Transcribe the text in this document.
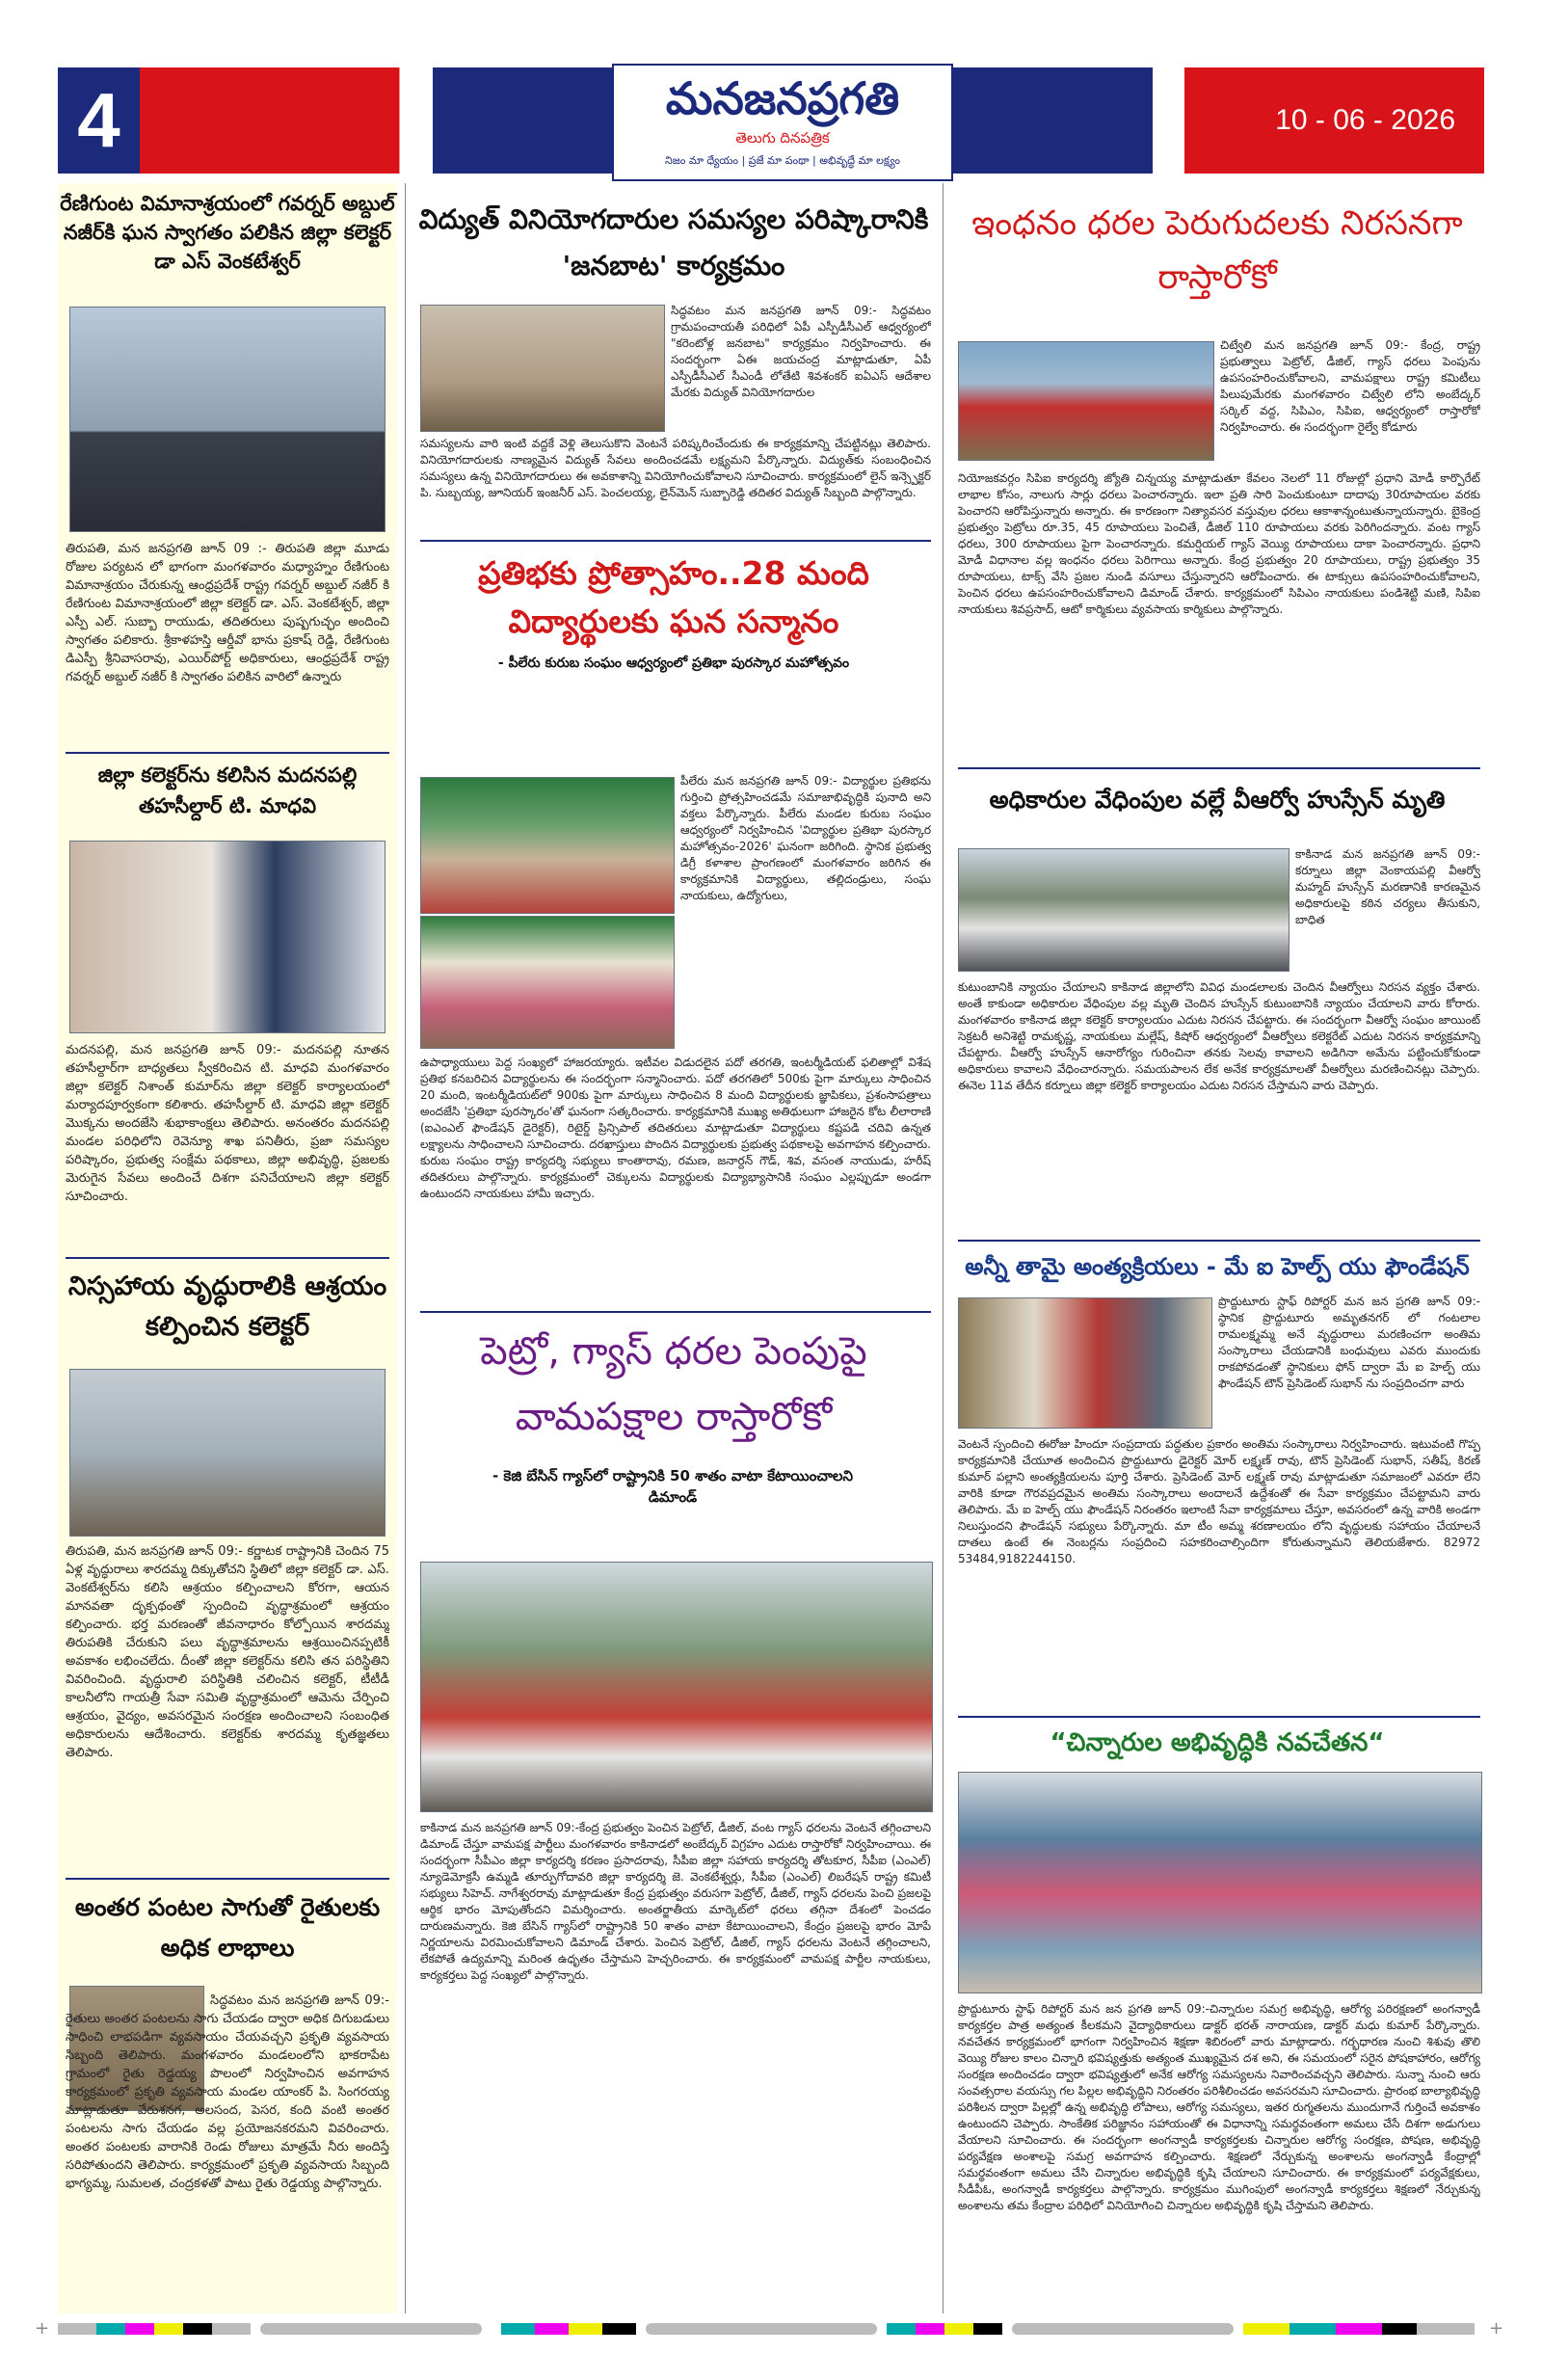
4	మనజనప్రగతి
తెలుగు దినపత్రిక
నిజం మా ధ్యేయం | ప్రజే మా పంథా | అభివృద్ధే మా లక్ష్యం
10 - 06 - 2026
రేణిగుంట విమానాశ్రయంలో గవర్నర్ అబ్దుల్ నజీర్‌కి ఘన స్వాగతం పలికిన జిల్లా కలెక్టర్ డా ఎస్ వెంకటేశ్వర్

తిరుపతి, మన జనప్రగతి జూన్ 09 :- తిరుపతి జిల్లా మూడు రోజుల పర్యటన లో భాగంగా మంగళవారం మధ్యాహ్నం రేణిగుంట విమానాశ్రయం చేరుకున్న ఆంధ్రప్రదేశ్ రాష్ట్ర గవర్నర్ అబ్దుల్ నజీర్ కి రేణిగుంట విమానాశ్రయంలో జిల్లా కలెక్టర్ డా. ఎస్. వెంకటేశ్వర్, జిల్లా ఎస్పీ ఎల్. సుబ్బా రాయుడు, తదితరులు పుష్పగుచ్ఛం అందించి స్వాగతం పలికారు. శ్రీకాళహస్తి ఆర్డీవో భాను ప్రకాష్ రెడ్డి, రేణిగుంట డిఎస్పీ శ్రీనివాసరావు, ఎయిర్‌పోర్ట్ అధికారులు, ఆంధ్రప్రదేశ్ రాష్ట్ర గవర్నర్ అబ్దుల్ నజీర్ కి స్వాగతం పలికిన వారిలో ఉన్నారు

జిల్లా కలెక్టర్‌ను కలిసిన మదనపల్లి తహసీల్దార్ టి. మాధవి

మదనపల్లి, మన జనప్రగతి జూన్ 09:- మదనపల్లి నూతన తహసీల్దార్‌గా బాధ్యతలు స్వీకరించిన టి. మాధవి మంగళవారం జిల్లా కలెక్టర్ నిశాంత్ కుమార్‌ను జిల్లా కలెక్టర్ కార్యాలయంలో మర్యాదపూర్వకంగా కలిశారు. తహసీల్దార్ టి. మాధవి జిల్లా కలెక్టర్ మొక్కను అందజేసి శుభాకాంక్షలు తెలిపారు. అనంతరం మదనపల్లి మండల పరిధిలోని రెవెన్యూ శాఖ పనితీరు, ప్రజా సమస్యల పరిష్కారం, ప్రభుత్వ సంక్షేమ పథకాలు, జిల్లా అభివృద్ధి, ప్రజలకు మెరుగైన సేవలు అందించే దిశగా పనిచేయాలని జిల్లా కలెక్టర్ సూచించారు.

నిస్సహాయ వృద్ధురాలికి ఆశ్రయం కల్పించిన కలెక్టర్

తిరుపతి, మన జనప్రగతి జూన్ 09:- కర్ణాటక రాష్ట్రానికి చెందిన 75 ఏళ్ల వృద్ధురాలు శారదమ్మ దిక్కుతోచని స్థితిలో జిల్లా కలెక్టర్ డా. ఎస్. వెంకటేశ్వర్‌ను కలిసి ఆశ్రయం కల్పించాలని కోరగా, ఆయన మానవతా దృక్పథంతో స్పందించి వృద్ధాశ్రమంలో ఆశ్రయం కల్పించారు. భర్త మరణంతో జీవనాధారం కోల్పోయిన శారదమ్మ తిరుపతికి చేరుకుని పలు వృద్ధాశ్రమాలను ఆశ్రయించినప్పటికీ అవకాశం లభించలేదు. దీంతో జిల్లా కలెక్టర్‌ను కలిసి తన పరిస్థితిని వివరించింది. వృద్ధురాలి పరిస్థితికి చలించిన కలెక్టర్, టీటీడీ కాలనీలోని గాయత్రీ సేవా సమితి వృద్ధాశ్రమంలో ఆమెను చేర్పించి ఆశ్రయం, వైద్యం, అవసరమైన సంరక్షణ అందించాలని సంబంధిత అధికారులను ఆదేశించారు. కలెక్టర్‌కు శారదమ్మ కృతజ్ఞతలు తెలిపారు.

అంతర పంటల సాగుతో రైతులకు అధిక లాభాలు

సిద్ధవటం మన జనప్రగతి జూన్ 09:-రైతులు అంతర పంటలను సాగు చేయడం ద్వారా అధిక దిగుబడులు సాధించి లాభపడిగా వ్యవసాయం చేయవచ్చని ప్రకృతి వ్యవసాయ సిబ్బంది తెలిపారు. మంగళవారం మండలంలోని భాకరాపేట గ్రామంలో రైతు రెడ్డయ్య పొలంలో నిర్వహించిన అవగాహన కార్యక్రమంలో ప్రకృతి వ్యవసాయ మండల యాంకర్ పి. సింగరయ్య మాట్లాడుతూ వేరుశనగ, అలసంద, పెసర, కంది వంటి అంతర పంటలను సాగు చేయడం వల్ల ప్రయోజనకరమని వివరించారు. అంతర పంటలకు వారానికి రెండు రోజులు మాత్రమే నీరు అందిస్తే సరిపోతుందని తెలిపారు. కార్యక్రమంలో ప్రకృతి వ్యవసాయ సిబ్బంది భాగ్యమ్మ, సుమలత, చంద్రకళతో పాటు రైతు రెడ్డయ్య పాల్గొన్నారు.

విద్యుత్ వినియోగదారుల సమస్యల పరిష్కారానికి 'జనబాట' కార్యక్రమం

సిద్ధవటం మన జనప్రగతి జూన్ 09:- సిద్ధవటం గ్రామపంచాయతీ పరిధిలో ఏపీ ఎస్పీడీసీఎల్ ఆధ్వర్యంలో "కరెంటోళ్ల జనబాట" కార్యక్రమం నిర్వహించారు. ఈ సందర్భంగా ఏఈ జయచంద్ర మాట్లాడుతూ, ఏపీ ఎస్పీడీసీఎల్ సీఎండీ లోతేటి శివశంకర్ ఐఏఎస్ ఆదేశాల మేరకు విద్యుత్ వినియోగదారుల

సమస్యలను వారి ఇంటి వద్దకే వెళ్లి తెలుసుకొని వెంటనే పరిష్కరించేందుకు ఈ కార్యక్రమాన్ని చేపట్టినట్లు తెలిపారు. వినియోగదారులకు నాణ్యమైన విద్యుత్ సేవలు అందించడమే లక్ష్యమని పేర్కొన్నారు. విద్యుత్‌కు సంబంధించిన సమస్యలు ఉన్న వినియోగదారులు ఈ అవకాశాన్ని వినియోగించుకోవాలని సూచించారు. కార్యక్రమంలో లైన్ ఇన్స్పెక్టర్ పి. సుబ్బయ్య, జూనియర్ ఇంజనీర్ ఎస్. పెంచలయ్య, లైన్‌మెన్ సుబ్బారెడ్డి తదితర విద్యుత్ సిబ్బంది పాల్గొన్నారు.

ప్రతిభకు ప్రోత్సాహం..28 మంది విద్యార్థులకు ఘన సన్మానం
- పీలేరు కురుబ సంఘం ఆధ్వర్యంలో ప్రతిభా పురస్కార మహోత్సవం

పీలేరు మన జనప్రగతి జూన్ 09:- విద్యార్థుల ప్రతిభను గుర్తించి ప్రోత్సహించడమే సమాజాభివృద్ధికి పునాది అని వక్తలు పేర్కొన్నారు. పీలేరు మండల కురుబ సంఘం ఆధ్వర్యంలో నిర్వహించిన 'విద్యార్థుల ప్రతిభా పురస్కార మహోత్సవం-2026' ఘనంగా జరిగింది. స్థానిక ప్రభుత్వ డిగ్రీ కళాశాల ప్రాంగణంలో మంగళవారం జరిగిన ఈ కార్యక్రమానికి విద్యార్థులు, తల్లిదండ్రులు, సంఘ నాయకులు, ఉద్యోగులు,

ఉపాధ్యాయులు పెద్ద సంఖ్యలో హాజరయ్యారు. ఇటీవల విడుదలైన పదో తరగతి, ఇంటర్మీడియట్ ఫలితాల్లో విశేష ప్రతిభ కనబరిచిన విద్యార్థులను ఈ సందర్భంగా సన్మానించారు. పదో తరగతిలో 500కు పైగా మార్కులు సాధించిన 20 మంది, ఇంటర్మీడియట్‌లో 900కు పైగా మార్కులు సాధించిన 8 మంది విద్యార్థులకు జ్ఞాపికలు, ప్రశంసాపత్రాలు అందజేసి 'ప్రతిభా పురస్కారం'తో ఘనంగా సత్కరించారు. కార్యక్రమానికి ముఖ్య అతిథులుగా హాజరైన కోట లీలారాణి (ఐఎంఎల్ ఫౌండేషన్ డైరెక్టర్), రిటైర్డ్ ప్రిన్సిపాల్ తదితరులు మాట్లాడుతూ విద్యార్థులు కష్టపడి చదివి ఉన్నత లక్ష్యాలను సాధించాలని సూచించారు. దరఖాస్తులు పొందిన విద్యార్థులకు ప్రభుత్వ పథకాలపై అవగాహన కల్పించారు. కురుబ సంఘం రాష్ట్ర కార్యదర్శి సభ్యులు కాంతారావు, రమణ, జనార్దన్ గౌడ్, శివ, వసంత నాయుడు, హరీష్ తదితరులు పాల్గొన్నారు. కార్యక్రమంలో చెక్కులను విద్యార్థులకు విద్యాభ్యాసానికి సంఘం ఎల్లప్పుడూ అండగా ఉంటుందని నాయకులు హామీ ఇచ్చారు.

పెట్రో, గ్యాస్ ధరల పెంపుపై వామపక్షాల రాస్తారోకో
- కెజి బేసిన్ గ్యాస్‌లో రాష్ట్రానికి 50 శాతం వాటా కేటాయించాలని డిమాండ్

కాకినాడ మన జనప్రగతి జూన్ 09:-కేంద్ర ప్రభుత్వం పెంచిన పెట్రోల్, డీజిల్, వంట గ్యాస్ ధరలను వెంటనే తగ్గించాలని డిమాండ్ చేస్తూ వామపక్ష పార్టీలు మంగళవారం కాకినాడలో అంబేద్కర్ విగ్రహం ఎదుట రాస్తారోకో నిర్వహించాయి. ఈ సందర్భంగా సీపీఎం జిల్లా కార్యదర్శి కరణం ప్రసాదరావు, సీపీఐ జిల్లా సహాయ కార్యదర్శి తోటకూర, సీపీఐ (ఎంఎల్) న్యూడెమోక్రసీ ఉమ్మడి తూర్పుగోదావరి జిల్లా కార్యదర్శి జె. వెంకటేశ్వర్లు, సీపీఐ (ఎంఎల్) లిబరేషన్ రాష్ట్ర కమిటీ సభ్యులు సిహెచ్. నాగేశ్వరరావు మాట్లాడుతూ కేంద్ర ప్రభుత్వం వరుసగా పెట్రోల్, డీజిల్, గ్యాస్ ధరలను పెంచి ప్రజలపై ఆర్థిక భారం మోపుతోందని విమర్శించారు. అంతర్జాతీయ మార్కెట్‌లో ధరలు తగ్గినా దేశంలో పెంచడం దారుణమన్నారు. కెజి బేసిన్ గ్యాస్‌లో రాష్ట్రానికి 50 శాతం వాటా కేటాయించాలని, కేంద్రం ప్రజలపై భారం మోపే నిర్ణయాలను విరమించుకోవాలని డిమాండ్ చేశారు. పెంచిన పెట్రోల్, డీజిల్, గ్యాస్ ధరలను వెంటనే తగ్గించాలని, లేకపోతే ఉద్యమాన్ని మరింత ఉధృతం చేస్తామని హెచ్చరించారు. ఈ కార్యక్రమంలో వామపక్ష పార్టీల నాయకులు, కార్యకర్తలు పెద్ద సంఖ్యలో పాల్గొన్నారు.

ఇంధనం ధరల పెరుగుదలకు నిరసనగా రాస్తారోకో

చిట్వేలి మన జనప్రగతి జూన్ 09:- కేంద్ర, రాష్ట్ర ప్రభుత్వాలు పెట్రోల్, డీజిల్, గ్యాస్ ధరలు పెంపును ఉపసంహరించుకోవాలని, వామపక్షాలు రాష్ట్ర కమిటీలు పిలుపుమేరకు మంగళవారం చిట్వేలి లోని అంబేద్కర్ సర్కిల్ వద్ద, సిపిఎం, సిపిఐ, ఆధ్వర్యంలో రాస్తారోకో నిర్వహించారు. ఈ సందర్భంగా రైల్వే కోడూరు

నియోజకవర్గం సిపిఐ కార్యదర్శి జ్యోతి చిన్నయ్య మాట్లాడుతూ కేవలం నెలలో 11 రోజుల్లో ప్రధాని మోడీ కార్పొరేట్ లాభాల కోసం, నాలుగు సార్లు ధరలు పెంచారన్నారు. ఇలా ప్రతి సారి పెంచుకుంటూ దాదాపు 30రూపాయల వరకు పెంచారని ఆరోపిస్తున్నారు అన్నారు. ఈ కారణంగా నిత్యావసర వస్తువుల ధరలు ఆకాశాన్నంటుతున్నాయన్నారు. బైకెంద్ర ప్రభుత్వం పెట్రోలు రూ.35, 45 రూపాయలు పెంచితే, డీజిల్ 110 రూపాయలు వరకు పెరిగిందన్నారు. వంట గ్యాస్ ధరలు, 300 రూపాయలు పైగా పెంచారన్నారు. కమర్షియల్ గ్యాస్ వెయ్యి రూపాయలు దాకా పెంచారన్నారు. ప్రధాని మోడీ విధానాల వల్ల ఇంధనం ధరలు పెరిగాయి అన్నారు. కేంద్ర ప్రభుత్వం 20 రూపాయలు, రాష్ట్ర ప్రభుత్వం 35 రూపాయలు, టాక్స్ వేసి ప్రజల నుండి వసూలు చేస్తున్నారని ఆరోపించారు. ఈ టాక్సులు ఉపసంహరించుకోవాలని, పెంచిన ధరలు ఉపసంహరించుకోవాలని డిమాండ్ చేశారు. కార్యక్రమంలో సిపిఎం నాయకులు పండిశెట్టి మణి, సిపిఐ నాయకులు శివప్రసాద్, ఆటో కార్మికులు వ్యవసాయ కార్మికులు పాల్గొన్నారు.

అధికారుల వేధింపుల వల్లే వీఆర్వో హుస్సేన్ మృతి

కాకినాడ మన జనప్రగతి జూన్ 09:-కర్నూలు జిల్లా వెంకాయపల్లి వీఆర్వో మహ్మద్ హుస్సేన్ మరణానికి కారణమైన అధికారులపై కఠిన చర్యలు తీసుకుని, బాధిత

కుటుంబానికి న్యాయం చేయాలని కాకినాడ జిల్లాలోని వివిధ మండలాలకు చెందిన వీఆర్వోలు నిరసన వ్యక్తం చేశారు. అంతే కాకుండా అధికారుల వేధింపుల వల్ల మృతి చెందిన హుస్సేన్ కుటుంబానికి న్యాయం చేయాలని వారు కోరారు. మంగళవారం కాకినాడ జిల్లా కలెక్టర్ కార్యాలయం ఎదుట నిరసన చేపట్టారు. ఈ సందర్భంగా వీఆర్వో సంఘం జాయింట్ సెక్రటరీ అనిశెట్టి రామకృష్ణ, నాయకులు మల్లేష్, కిషోర్ ఆధ్వర్యంలో వీఆర్వోలు కలెక్టరేట్ ఎదుట నిరసన కార్యక్రమాన్ని చేపట్టారు. వీఆర్వో హుస్సేన్ ఆనారోగ్యం గురించినా తనకు సెలవు కావాలని అడిగినా అమేను పట్టించుకోకుండా అధికారులు కావాలని వేధించారన్నారు. సమయపాలన లేక అనేక కార్యక్రమాలతో వీఆర్వోలు మరణించినట్లు చెప్పారు. ఈనెల 11వ తేదీన కర్నూలు జిల్లా కలెక్టర్ కార్యాలయం ఎదుట నిరసన చేస్తామని వారు చెప్పారు.

అన్నీ తామై అంత్యక్రియలు - మే ఐ హెల్ప్ యు ఫౌండేషన్

ప్రొద్దుటూరు స్టాఫ్ రిపోర్టర్ మన జన ప్రగతి జూన్ 09:- స్థానిక ప్రొద్దుటూరు అమృతనగర్ లో గంటలాల రామలక్ష్మమ్మ అనే వృద్ధురాలు మరణించగా అంతిమ సంస్కారాలు చేయడానికి బంధువులు ఎవరు ముందుకు రాకపోవడంతో స్థానికులు ఫోన్ ద్వారా మే ఐ హెల్ప్ యు ఫౌండేషన్ టౌన్ ప్రెసిడెంట్ సుభాన్‌ ను సంప్రదించగా వారు

వెంటనే స్పందించి ఈరోజు హిందూ సంప్రదాయ పద్ధతుల ప్రకారం అంతిమ సంస్కారాలు నిర్వహించారు. ఇటువంటి గొప్ప కార్యక్రమానికి చేయూత అందించిన ప్రొద్దుటూరు డైరెక్టర్ మోర్ లక్ష్మణ్ రావు, టౌన్ ప్రెసిడెంట్ సుభాన్, సతీష్, కిరణ్ కుమార్ పల్లాని అంత్యక్రియలను పూర్తి చేశారు. ప్రెసిడెంట్ మోర్ లక్ష్మణ్ రావు మాట్లాడుతూ సమాజంలో ఎవరూ లేని వారికి కూడా గౌరవప్రదమైన అంతిమ సంస్కారాలు అందాలనే ఉద్దేశంతో ఈ సేవా కార్యక్రమం చేపట్టామని వారు తెలిపారు. మే ఐ హెల్ప్ యు ఫౌండేషన్ నిరంతరం ఇలాంటి సేవా కార్యక్రమాలు చేస్తూ, అవసరంలో ఉన్న వారికి అండగా నిలుస్తుందని ఫౌండేషన్ సభ్యులు పేర్కొన్నారు. మా టీం అమ్మ శరణాలయం లోని వృద్ధులకు సహాయం చేయాలనే దాతలు ఉంటే ఈ నెంబర్లను సంప్రదించి సహకరించాల్సిందిగా కోరుతున్నామని తెలియజేశారు. 82972 53484,9182244150.

“చిన్నారుల అభివృద్ధికి నవచేతన“

ప్రొద్దుటూరు స్టాఫ్ రిపోర్టర్ మన జన ప్రగతి జూన్ 09:-చిన్నారుల సమగ్ర అభివృద్ధి, ఆరోగ్య పరిరక్షణలో అంగన్వాడీ కార్యకర్తల పాత్ర అత్యంత కీలకమని వైద్యాధికారులు డాక్టర్ భరత్ నారాయణ, డాక్టర్ మధు కుమార్ పేర్కొన్నారు. నవచేతన కార్యక్రమంలో భాగంగా నిర్వహించిన శిక్షణా శిబిరంలో వారు మాట్లాడారు. గర్భధారణ నుంచి శిశువు తొలి వెయ్యి రోజుల కాలం చిన్నారి భవిష్యత్తుకు అత్యంత ముఖ్యమైన దశ అని, ఈ సమయంలో సరైన పోషకాహారం, ఆరోగ్య సంరక్షణ అందించడం ద్వారా భవిష్యత్తులో అనేక ఆరోగ్య సమస్యలను నివారించవచ్చని తెలిపారు. సున్నా నుంచి ఆరు సంవత్సరాల వయస్సు గల పిల్లల అభివృద్ధిని నిరంతరం పరిశీలించడం అవసరమని సూచించారు. ప్రారంభ బాల్యాభివృద్ధి పరిశీలన ద్వారా పిల్లల్లో ఉన్న అభివృద్ధి లోపాలు, ఆరోగ్య సమస్యలు, ఇతర రుగ్మతలను ముందుగానే గుర్తించే అవకాశం ఉంటుందని చెప్పారు. సాంకేతిక పరిజ్ఞానం సహాయంతో ఈ విధానాన్ని సమర్థవంతంగా అమలు చేసే దిశగా అడుగులు వేయాలని సూచించారు. ఈ సందర్భంగా అంగన్వాడీ కార్యకర్తలకు చిన్నారుల ఆరోగ్య సంరక్షణ, పోషణ, అభివృద్ధి పర్యవేక్షణ అంశాలపై సమగ్ర అవగాహన కల్పించారు. శిక్షణలో నేర్చుకున్న అంశాలను అంగన్వాడీ కేంద్రాల్లో సమర్థవంతంగా అమలు చేసి చిన్నారుల అభివృద్ధికి కృషి చేయాలని సూచించారు. ఈ కార్యక్రమంలో పర్యవేక్షకులు, సీడీపీఓ, అంగన్వాడీ కార్యకర్తలు పాల్గొన్నారు. కార్యక్రమం ముగింపులో అంగన్వాడీ కార్యకర్తలు శిక్షణలో నేర్చుకున్న అంశాలను తమ కేంద్రాల పరిధిలో వినియోగించి చిన్నారుల అభివృద్ధికి కృషి చేస్తామని తెలిపారు.

+	+
